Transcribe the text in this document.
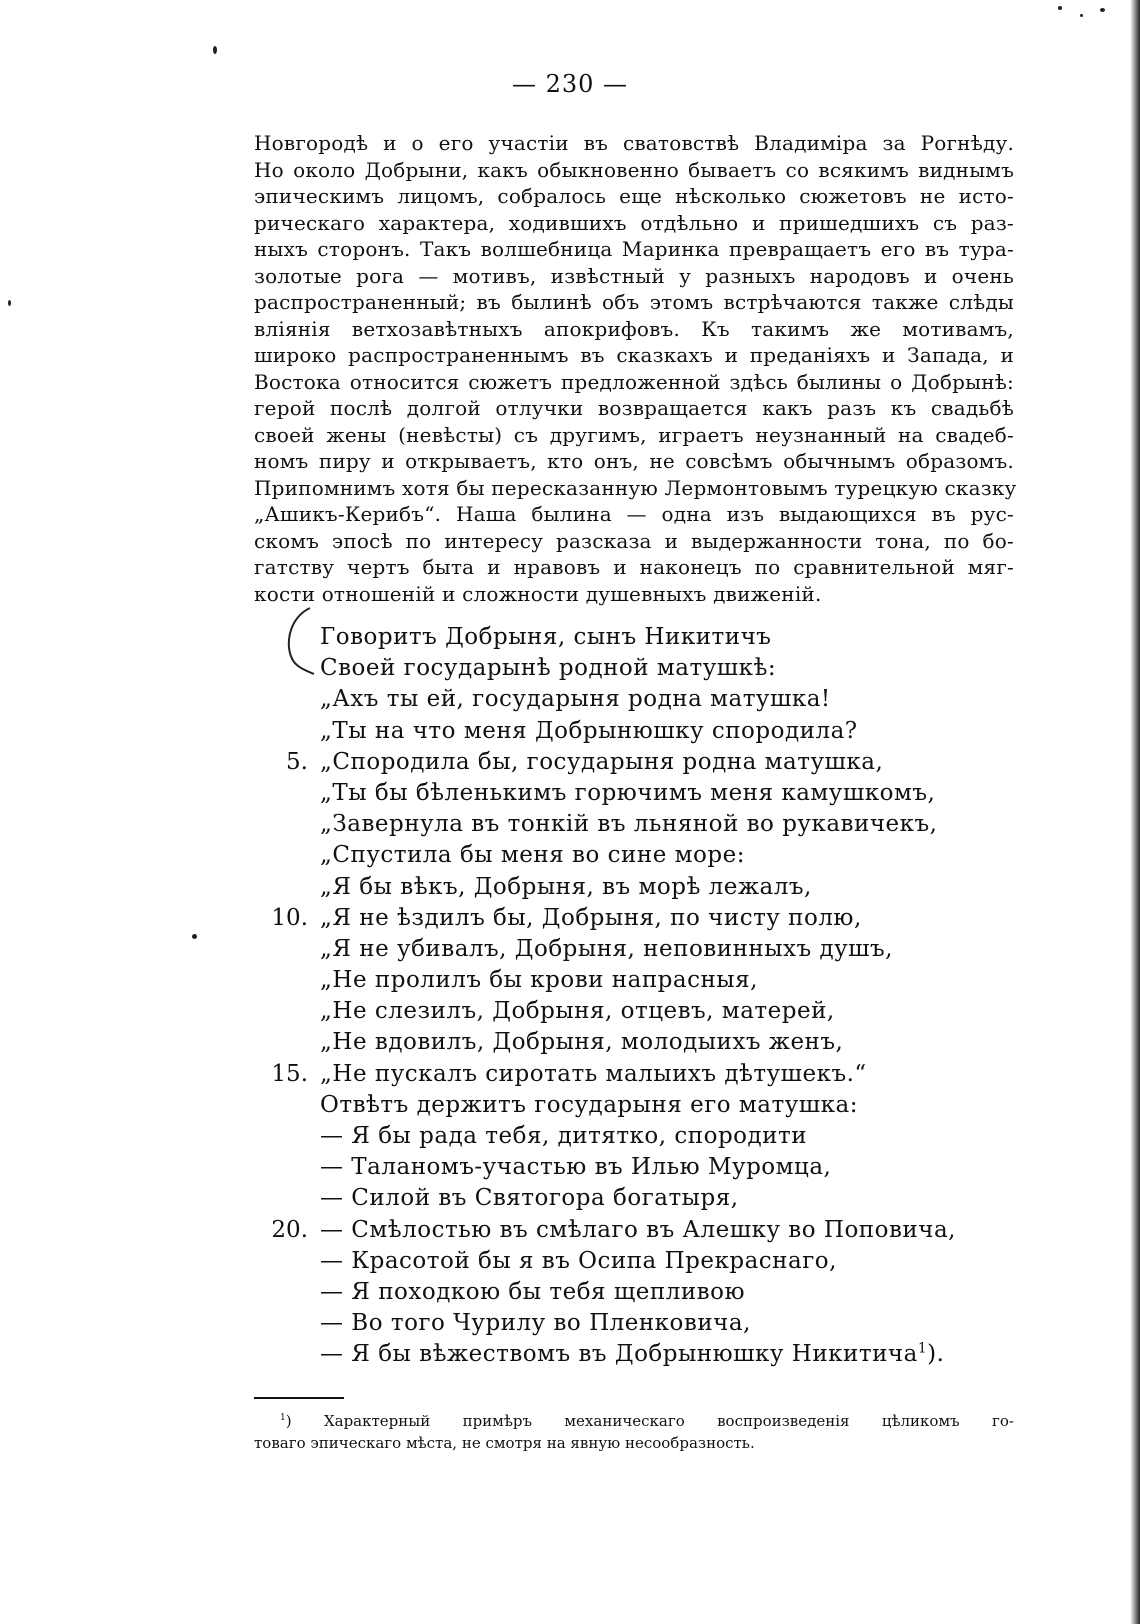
— 230 —
Новгородѣ и о его участіи въ сватовствѣ Владиміра за Рогнѣду.
Но около Добрыни, какъ обыкновенно бываетъ со всякимъ виднымъ
эпическимъ лицомъ, собралось еще нѣсколько сюжетовъ не исто-
рическаго характера, ходившихъ отдѣльно и пришедшихъ съ раз-
ныхъ сторонъ. Такъ волшебница Маринка превращаетъ его въ тура-
золотые рога — мотивъ, извѣстный у разныхъ народовъ и очень
распространенный; въ былинѣ объ этомъ встрѣчаются также слѣды
вліянія ветхозавѣтныхъ апокрифовъ. Къ такимъ же мотивамъ,
широко распространеннымъ въ сказкахъ и преданіяхъ и Запада, и
Востока относится сюжетъ предложенной здѣсь былины о Добрынѣ:
герой послѣ долгой отлучки возвращается какъ разъ къ свадьбѣ
своей жены (невѣсты) съ другимъ, играетъ неузнанный на свадеб-
номъ пиру и открываетъ, кто онъ, не совсѣмъ обычнымъ образомъ.
Припомнимъ хотя бы пересказанную Лермонтовымъ турецкую сказку
„Ашикъ-Керибъ“. Наша былина — одна изъ выдающихся въ рус-
скомъ эпосѣ по интересу разсказа и выдержанности тона, по бо-
гатству чертъ быта и нравовъ и наконецъ по сравнительной мяг-
кости отношеній и сложности душевныхъ движеній.
Говоритъ Добрыня, сынъ Никитичъ
Своей государынѣ родной матушкѣ:
„Ахъ ты ей, государыня родна матушка!
„Ты на что меня Добрынюшку спородила?
5. „Спородила бы, государыня родна матушка,
„Ты бы бѣленькимъ горючимъ меня камушкомъ,
„Завернула въ тонкій въ льняной во рукавичекъ,
„Спустила бы меня во сине море:
„Я бы вѣкъ, Добрыня, въ морѣ лежалъ,
10. „Я не ѣздилъ бы, Добрыня, по чисту полю,
„Я не убивалъ, Добрыня, неповинныхъ душъ,
„Не пролилъ бы крови напрасныя,
„Не слезилъ, Добрыня, отцевъ, матерей,
„Не вдовилъ, Добрыня, молодыихъ женъ,
15. „Не пускалъ сиротать малыихъ дѣтушекъ.“
Отвѣтъ держитъ государыня его матушка:
— Я бы рада тебя, дитятко, спородити
— Таланомъ-участью въ Илью Муромца,
— Силой въ Святогора богатыря,
20. — Смѣлостью въ смѣлаго въ Алешку во Поповича,
— Красотой бы я въ Осипа Прекраснаго,
— Я походкою бы тебя щепливою
— Во того Чурилу во Пленковича,
— Я бы вѣжествомъ въ Добрынюшку Никитича$^1$).
$^1$) Характерный примѣръ механическаго воспроизведенія цѣликомъ го-
товаго эпическаго мѣста, не смотря на явную несообразность.
